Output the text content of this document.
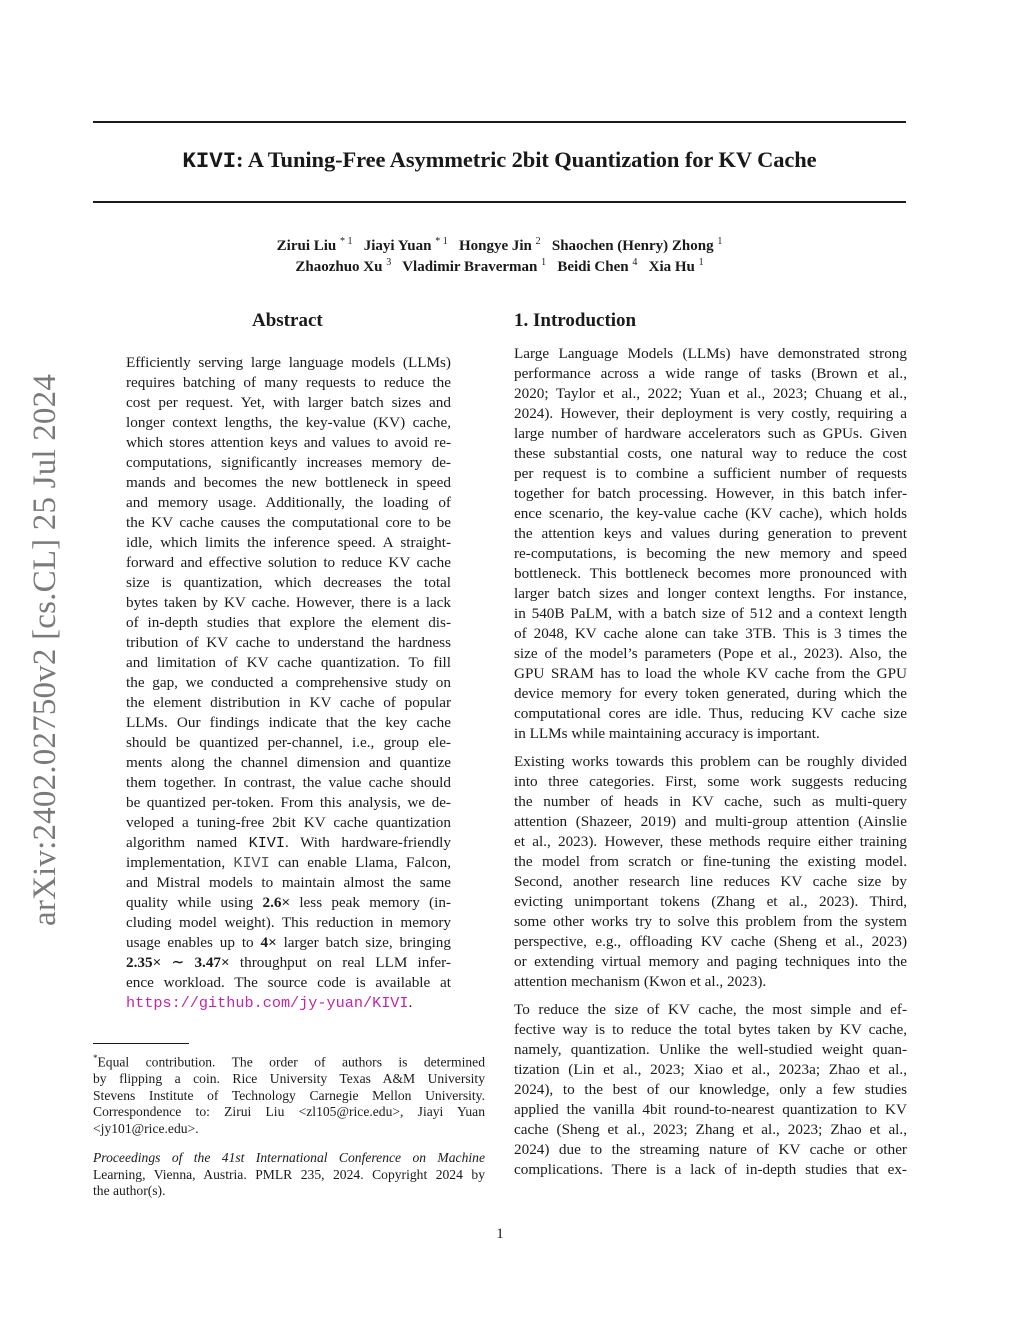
arXiv:2402.02750v2 [cs.CL] 25 Jul 2024
KIVI: A Tuning-Free Asymmetric 2bit Quantization for KV Cache
Zirui Liu $^{* 1}$ Jiayi Yuan $^{* 1}$ Hongye Jin $^2$ Shaochen (Henry) Zhong $^1$
Zhaozhuo Xu $^3$ Vladimir Braverman $^1$ Beidi Chen $^4$ Xia Hu $^1$
Abstract
Efficiently serving large language models (LLMs)
requires batching of many requests to reduce the
cost per request. Yet, with larger batch sizes and
longer context lengths, the key-value (KV) cache,
which stores attention keys and values to avoid re-
computations, significantly increases memory de-
mands and becomes the new bottleneck in speed
and memory usage. Additionally, the loading of
the KV cache causes the computational core to be
idle, which limits the inference speed. A straight-
forward and effective solution to reduce KV cache
size is quantization, which decreases the total
bytes taken by KV cache. However, there is a lack
of in-depth studies that explore the element dis-
tribution of KV cache to understand the hardness
and limitation of KV cache quantization. To fill
the gap, we conducted a comprehensive study on
the element distribution in KV cache of popular
LLMs. Our findings indicate that the key cache
should be quantized per-channel, i.e., group ele-
ments along the channel dimension and quantize
them together. In contrast, the value cache should
be quantized per-token. From this analysis, we de-
veloped a tuning-free 2bit KV cache quantization
algorithm named KIVI. With hardware-friendly
implementation, KIVI can enable Llama, Falcon,
and Mistral models to maintain almost the same
quality while using 2.6× less peak memory (in-
cluding model weight). This reduction in memory
usage enables up to 4× larger batch size, bringing
2.35× ∼ 3.47× throughput on real LLM infer-
ence workload. The source code is available at
https://github.com/jy-yuan/KIVI.
*Equal contribution. The order of authors is determined
by flipping a coin. Rice University Texas A&M University
Stevens Institute of Technology Carnegie Mellon University.
Correspondence to: Zirui Liu <zl105@rice.edu>, Jiayi Yuan
<jy101@rice.edu>.
Proceedings of the 41st International Conference on Machine
Learning, Vienna, Austria. PMLR 235, 2024. Copyright 2024 by
the author(s).
1. Introduction
Large Language Models (LLMs) have demonstrated strong
performance across a wide range of tasks (Brown et al.,
2020; Taylor et al., 2022; Yuan et al., 2023; Chuang et al.,
2024). However, their deployment is very costly, requiring a
large number of hardware accelerators such as GPUs. Given
these substantial costs, one natural way to reduce the cost
per request is to combine a sufficient number of requests
together for batch processing. However, in this batch infer-
ence scenario, the key-value cache (KV cache), which holds
the attention keys and values during generation to prevent
re-computations, is becoming the new memory and speed
bottleneck. This bottleneck becomes more pronounced with
larger batch sizes and longer context lengths. For instance,
in 540B PaLM, with a batch size of 512 and a context length
of 2048, KV cache alone can take 3TB. This is 3 times the
size of the model’s parameters (Pope et al., 2023). Also, the
GPU SRAM has to load the whole KV cache from the GPU
device memory for every token generated, during which the
computational cores are idle. Thus, reducing KV cache size
in LLMs while maintaining accuracy is important.
Existing works towards this problem can be roughly divided
into three categories. First, some work suggests reducing
the number of heads in KV cache, such as multi-query
attention (Shazeer, 2019) and multi-group attention (Ainslie
et al., 2023). However, these methods require either training
the model from scratch or fine-tuning the existing model.
Second, another research line reduces KV cache size by
evicting unimportant tokens (Zhang et al., 2023). Third,
some other works try to solve this problem from the system
perspective, e.g., offloading KV cache (Sheng et al., 2023)
or extending virtual memory and paging techniques into the
attention mechanism (Kwon et al., 2023).
To reduce the size of KV cache, the most simple and ef-
fective way is to reduce the total bytes taken by KV cache,
namely, quantization. Unlike the well-studied weight quan-
tization (Lin et al., 2023; Xiao et al., 2023a; Zhao et al.,
2024), to the best of our knowledge, only a few studies
applied the vanilla 4bit round-to-nearest quantization to KV
cache (Sheng et al., 2023; Zhang et al., 2023; Zhao et al.,
2024) due to the streaming nature of KV cache or other
complications. There is a lack of in-depth studies that ex-
1
